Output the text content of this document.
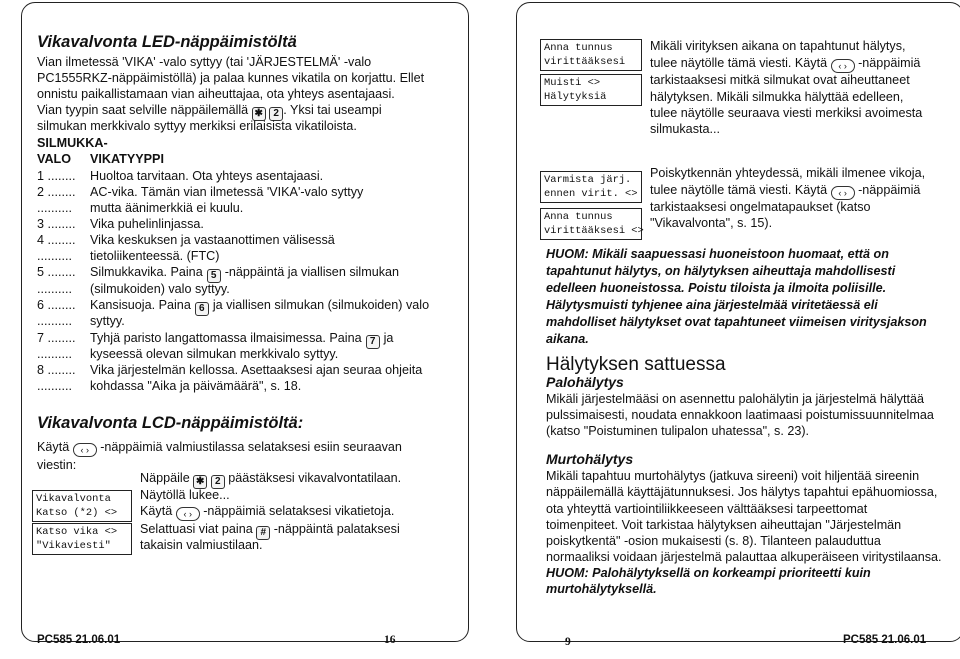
Vikavalvonta LED-näppäimistöltä
Vian ilmetessä 'VIKA' -valo syttyy (tai 'JÄRJESTELMÄ' -valo
PC1555RKZ-näppäimistöllä) ja palaa kunnes vikatila on korjattu. Ellet
onnistu paikallistamaan vian aiheuttajaa, ota yhteys asentajaasi.
Vian tyypin saat selville näppäilemällä ✱ 2 . Yksi tai useampi
silmukan merkkivalo syttyy merkiksi erilaisista vikatiloista.
SILMUKKA-
VALO VIKATYYPPI
1 ........ Huoltoa tarvitaan. Ota yhteys asentajaasi.
2 ........ AC-vika. Tämän vian ilmetessä 'VIKA'-valo syttyy
.......... mutta äänimerkkiä ei kuulu.
3 ........ Vika puhelinlinjassa.
4 ........ Vika keskuksen ja vastaanottimen välisessä
.......... tietoliikenteessä. (FTC)
5 ........ Silmukkavika. Paina 5 -näppäintä ja viallisen silmukan
.......... (silmukoiden) valo syttyy.
6 ........ Kansisuoja. Paina 6 ja viallisen silmukan (silmukoiden) valo
.......... syttyy.
7 ........ Tyhjä paristo langattomassa ilmaisimessa. Paina 7 ja
.......... kyseessä olevan silmukan merkkivalo syttyy.
8 ........ Vika järjestelmän kellossa. Asettaaksesi ajan seuraa ohjeita
.......... kohdassa "Aika ja päivämäärä", s. 18.
Vikavalvonta LCD-näppäimistöltä:
Käytä ‹ › -näppäimiä valmiustilassa selataksesi esiin seuraavan
viestin:
Vikavalvonta
Katso (*2) <>
Katso vika <>
"Vikaviesti"
Näppäile ✱ 2 päästäksesi vikavalvontatilaan.
Näytöllä lukee...
Käytä ‹ › -näppäimiä selataksesi vikatietoja.
Selattuasi viat paina # -näppäintä palataksesi
takaisin valmiustilaan.
PC585 21.06.01	16
Anna tunnus
virittääksesi
Muisti <>
Hälytyksiä
Mikäli virityksen aikana on tapahtunut hälytys,
tulee näytölle tämä viesti. Käytä ‹ › -näppäimiä
tarkistaaksesi mitkä silmukat ovat aiheuttaneet
hälytyksen. Mikäli silmukka hälyttää edelleen,
tulee näytölle seuraava viesti merkiksi avoimesta
silmukasta...
Varmista järj.
ennen virit. <>
Anna tunnus
virittääksesi <>
Poiskytkennän yhteydessä, mikäli ilmenee vikoja,
tulee näytölle tämä viesti. Käytä ‹ › -näppäimiä
tarkistaaksesi ongelmatapaukset (katso
"Vikavalvonta", s. 15).
HUOM: Mikäli saapuessasi huoneistoon huomaat, että on
tapahtunut hälytys, on hälytyksen aiheuttaja mahdollisesti
edelleen huoneistossa. Poistu tiloista ja ilmoita poliisille.
Hälytysmuisti tyhjenee aina järjestelmää viritetäessä eli
mahdolliset hälytykset ovat tapahtuneet viimeisen viritysjakson
aikana.
Hälytyksen sattuessa
Palohälytys
Mikäli järjestelmääsi on asennettu palohälytin ja järjestelmä hälyttää
pulssimaisesti, noudata ennakkoon laatimaasi poistumissuunnitelmaa
(katso "Poistuminen tulipalon uhatessa", s. 23).
Murtohälytys
Mikäli tapahtuu murtohälytys (jatkuva sireeni) voit hiljentää sireenin
näppäilemällä käyttäjätunnuksesi. Jos hälytys tapahtui epähuomiossa,
ota yhteyttä vartiointiliikkeeseen välttääksesi tarpeettomat
toimenpiteet. Voit tarkistaa hälytyksen aiheuttajan "Järjestelmän
poiskytkentä" -osion mukaisesti (s. 8). Tilanteen palauduttua
normaaliksi voidaan järjestelmä palauttaa alkuperäiseen viritystilaansa.
HUOM: Palohälytyksellä on korkeampi prioriteetti kuin
murtohälytyksellä.
9	PC585 21.06.01
